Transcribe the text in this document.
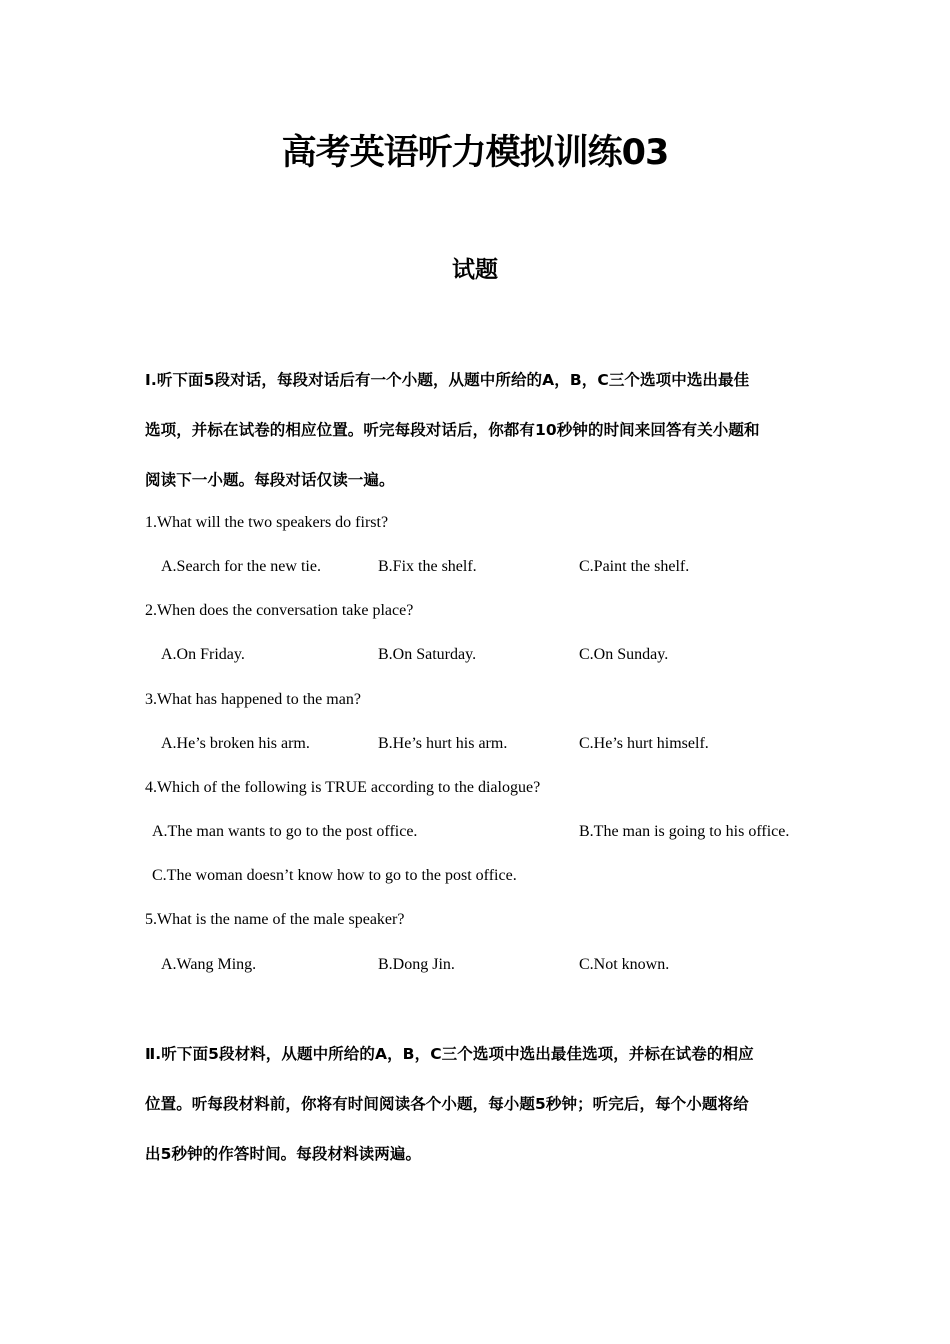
高考英语听力模拟训练03
试题
Ⅰ.听下面5段对话，每段对话后有一个小题，从题中所给的A，B，C三个选项中选出最佳
选项，并标在试卷的相应位置。听完每段对话后，你都有10秒钟的时间来回答有关小题和
阅读下一小题。每段对话仅读一遍。
1.What will the two speakers do first?
A.Search for the new tie.	B.Fix the shelf.	C.Paint the shelf.
2.When does the conversation take place?
A.On Friday.	B.On Saturday.	C.On Sunday.
3.What has happened to the man?
A.He’s broken his arm.	B.He’s hurt his arm.	C.He’s hurt himself.
4.Which of the following is TRUE according to the dialogue?
A.The man wants to go to the post office.	B.The man is going to his office.
C.The woman doesn’t know how to go to the post office.
5.What is the name of the male speaker?
A.Wang Ming.	B.Dong Jin.	C.Not known.
Ⅱ.听下面5段材料，从题中所给的A，B，C三个选项中选出最佳选项，并标在试卷的相应
位置。听每段材料前，你将有时间阅读各个小题，每小题5秒钟；听完后，每个小题将给
出5秒钟的作答时间。每段材料读两遍。
